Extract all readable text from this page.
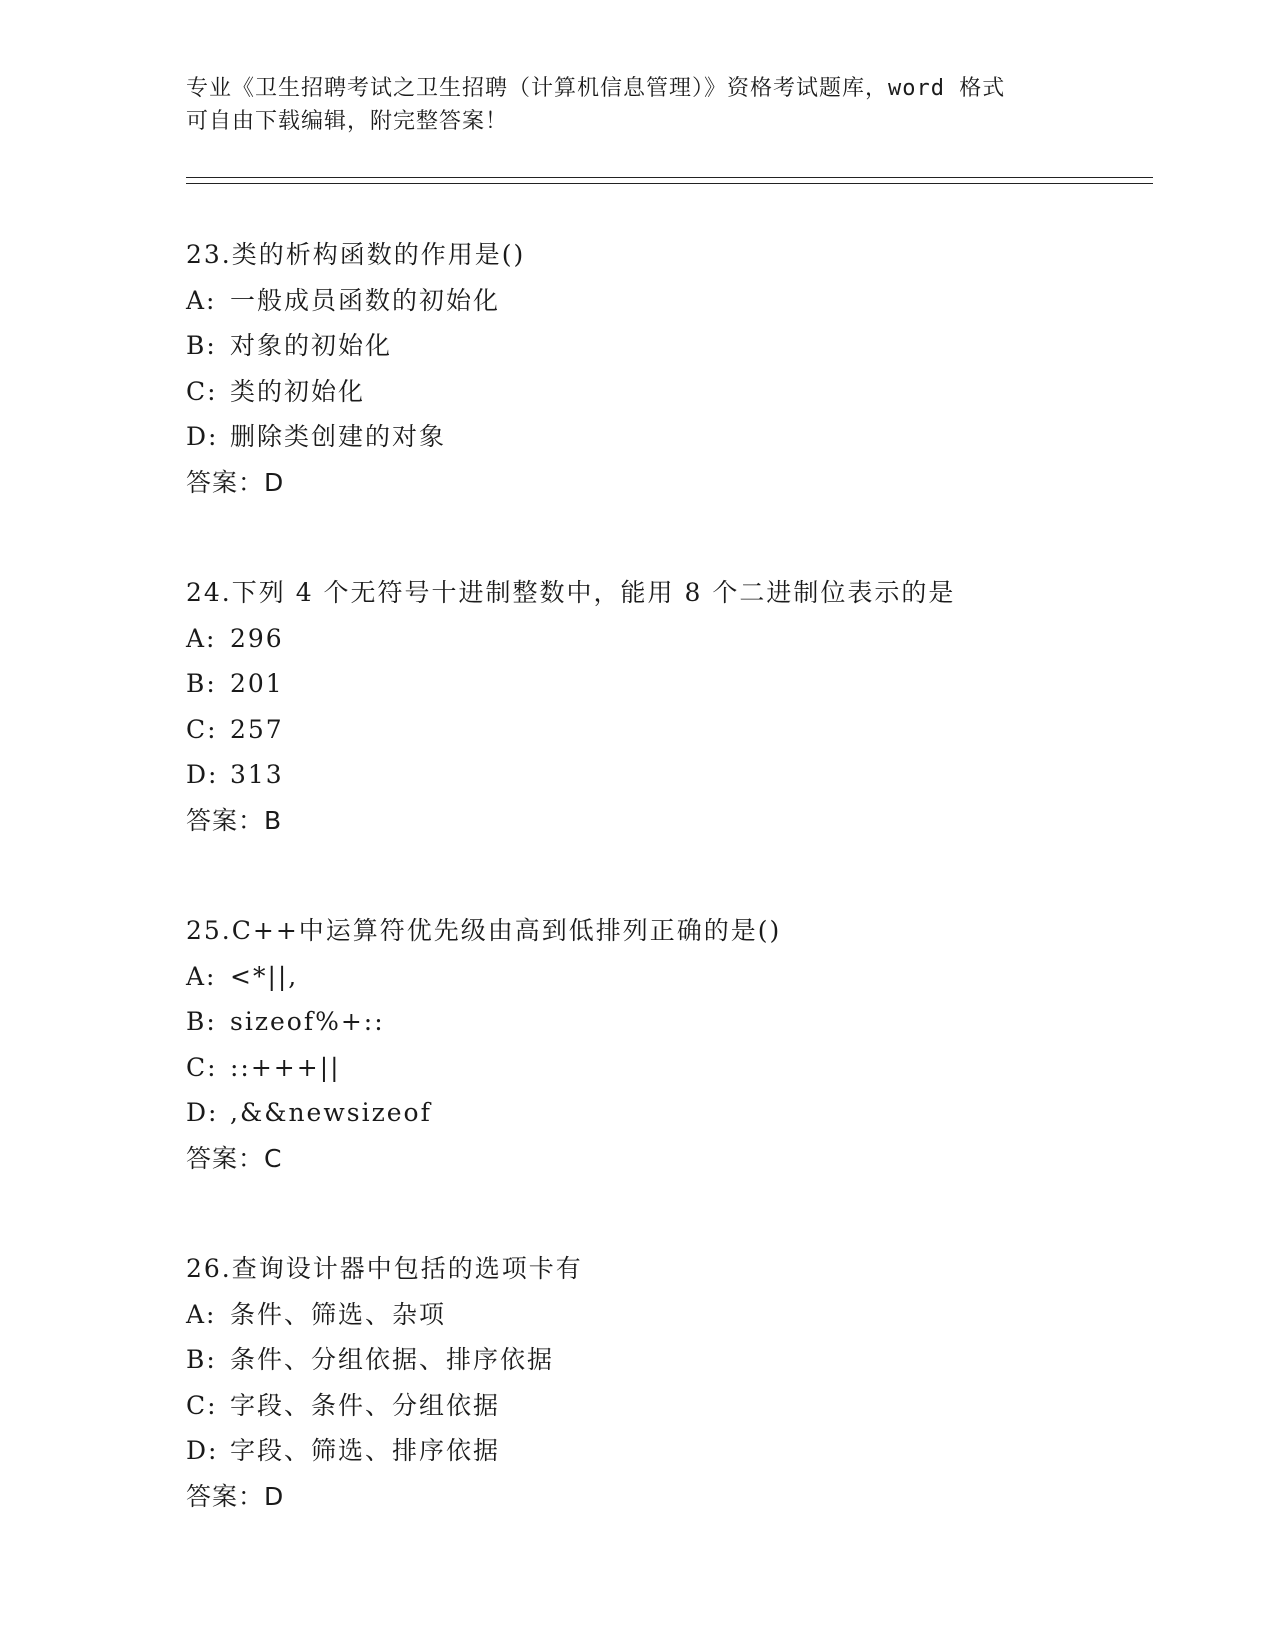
专业《卫生招聘考试之卫生招聘（计算机信息管理）》资格考试题库，word 格式
可自由下载编辑，附完整答案！
23.类的析构函数的作用是()
A: 一般成员函数的初始化
B: 对象的初始化
C: 类的初始化
D: 删除类创建的对象
答案：D
24.下列 4 个无符号十进制整数中，能用 8 个二进制位表示的是
A: 296
B: 201
C: 257
D: 313
答案：B
25.C++中运算符优先级由高到低排列正确的是()
A: <*||,
B: sizeof%+::
C: ::+++||
D: ,&&newsizeof
答案：C
26.查询设计器中包括的选项卡有
A: 条件、筛选、杂项
B: 条件、分组依据、排序依据
C: 字段、条件、分组依据
D: 字段、筛选、排序依据
答案：D
